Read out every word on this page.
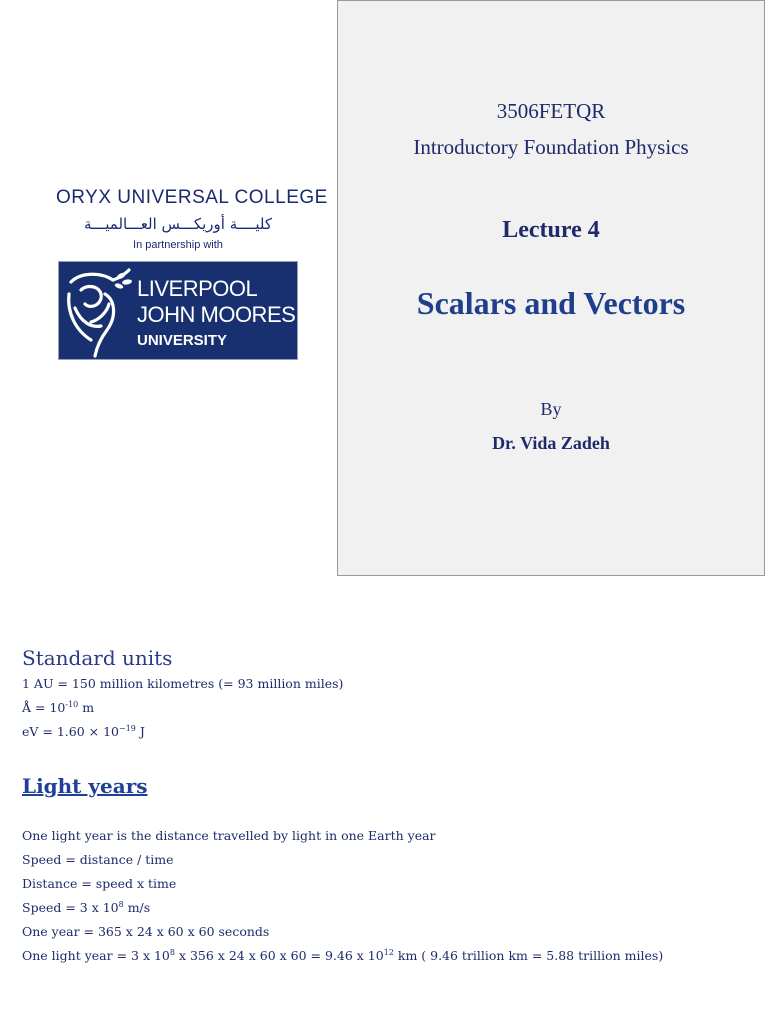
ORYX UNIVERSAL COLLEGE
كليــــة أوريكـــس العـــالميـــة
In partnership with
LIVERPOOL
JOHN MOORES
UNIVERSITY
3506FETQR
Introductory Foundation Physics
Lecture 4
Scalars and Vectors
By
Dr. Vida Zadeh
Standard units
1 AU = 150 million kilometres (= 93 million miles)
Å = $10^{-10}$ m
eV = $1.60 \times 10^{-19}$ J
Light years
One light year is the distance travelled by light in one Earth year
Speed = distance / time
Distance = speed x time
Speed = 3 x $10^8$ m/s
One year = 365 x 24 x 60 x 60 seconds
One light year = 3 x $10^8$ x 356 x 24 x 60 x 60 = 9.46 x $10^{12}$ km ( 9.46 trillion km = 5.88 trillion miles)
